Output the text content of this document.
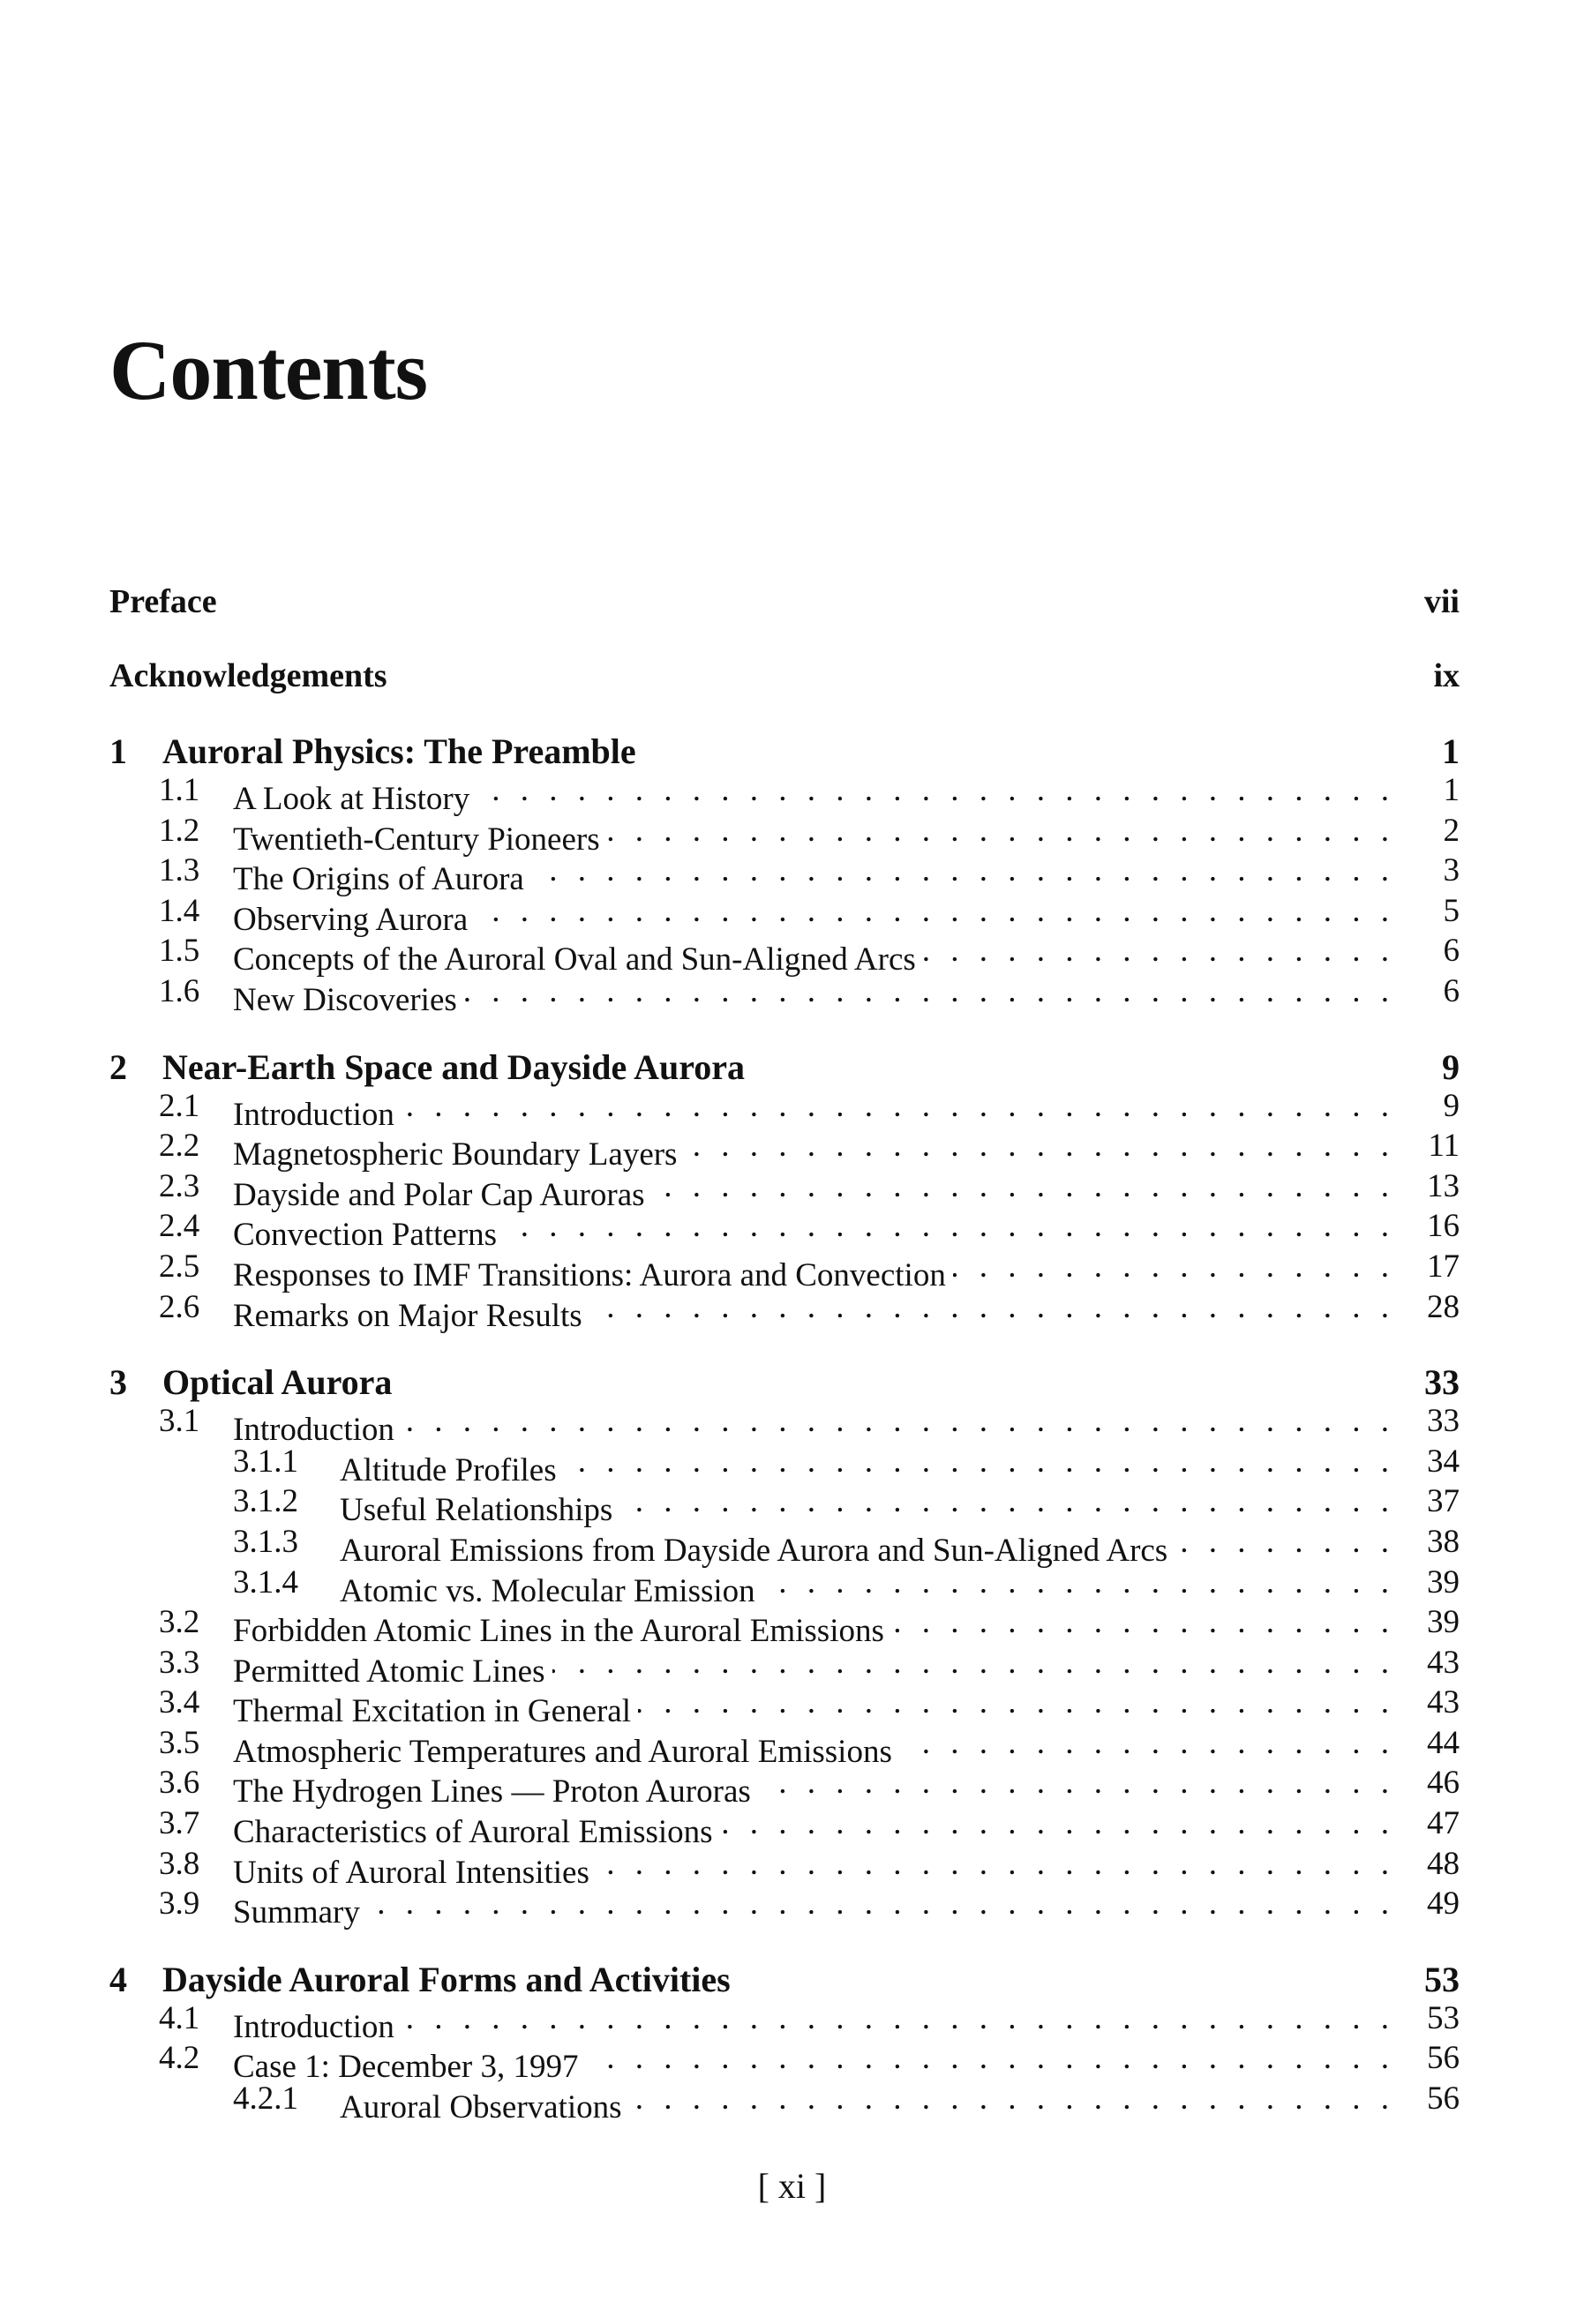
Contents
Preface	vii
Acknowledgements	ix
1 Auroral Physics: The Preamble	1
1.1 A Look at History . . .	1
1.2 Twentieth-Century Pioneers . . .	2
1.3 The Origins of Aurora . . .	3
1.4 Observing Aurora . . .	5
1.5 Concepts of the Auroral Oval and Sun-Aligned Arcs . . .	6
1.6 New Discoveries . . .	6
2 Near-Earth Space and Dayside Aurora	9
2.1 Introduction . . .	9
2.2 Magnetospheric Boundary Layers . . .	11
2.3 Dayside and Polar Cap Auroras . . .	13
2.4 Convection Patterns . . .	16
2.5 Responses to IMF Transitions: Aurora and Convection . . .	17
2.6 Remarks on Major Results . . .	28
3 Optical Aurora	33
3.1 Introduction . . .	33
3.1.1 Altitude Profiles . . .	34
3.1.2 Useful Relationships . . .	37
3.1.3 Auroral Emissions from Dayside Aurora and Sun-Aligned Arcs . . .	38
3.1.4 Atomic vs. Molecular Emission . . .	39
3.2 Forbidden Atomic Lines in the Auroral Emissions . . .	39
3.3 Permitted Atomic Lines . . .	43
3.4 Thermal Excitation in General . . .	43
3.5 Atmospheric Temperatures and Auroral Emissions . . .	44
3.6 The Hydrogen Lines — Proton Auroras . . .	46
3.7 Characteristics of Auroral Emissions . . .	47
3.8 Units of Auroral Intensities . . .	48
3.9 Summary . . .	49
4 Dayside Auroral Forms and Activities	53
4.1 Introduction . . .	53
4.2 Case 1: December 3, 1997 . . .	56
4.2.1 Auroral Observations . . .	56
[ xi ]
